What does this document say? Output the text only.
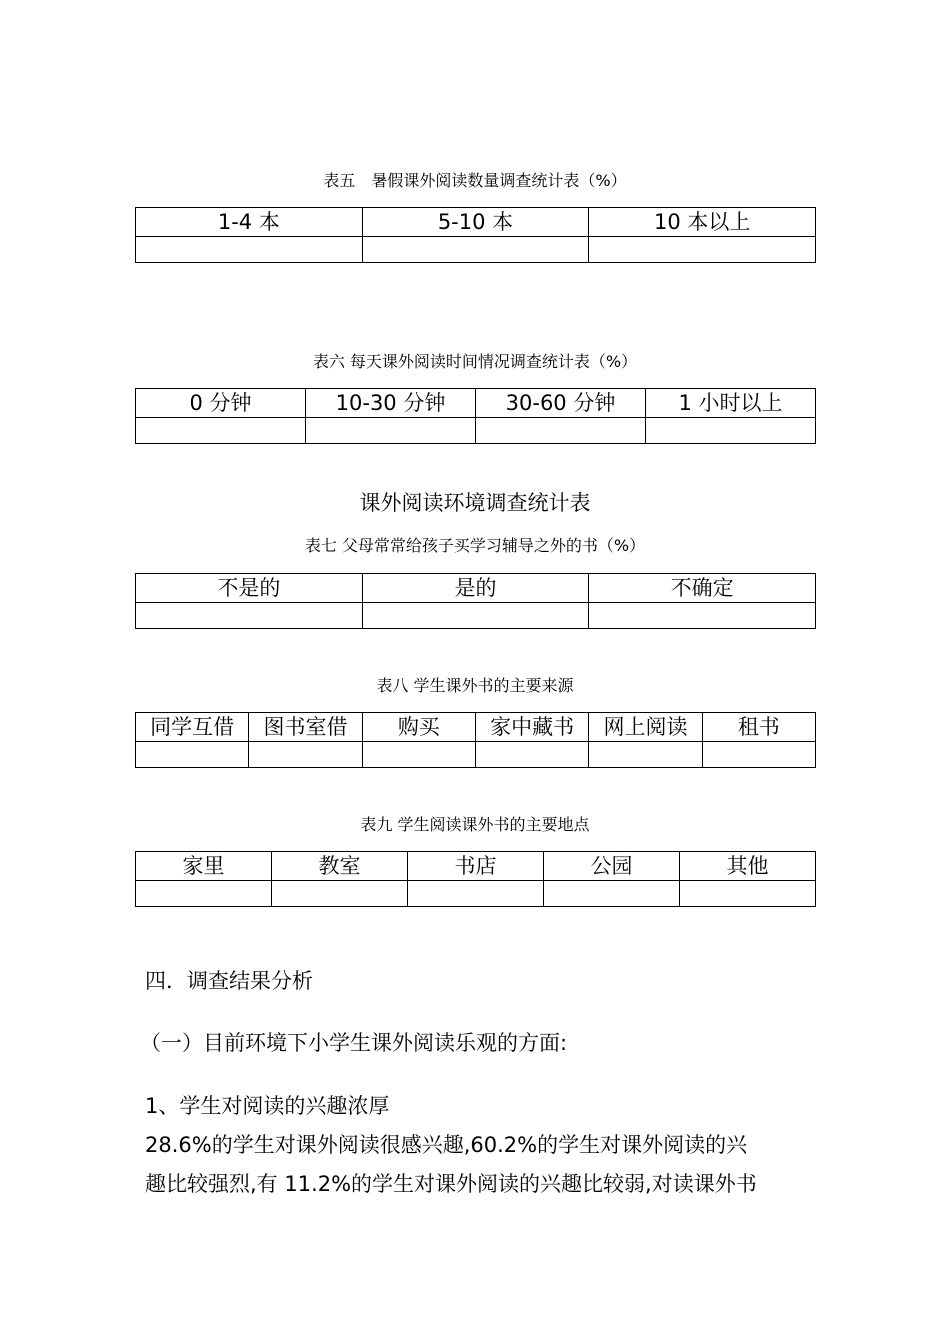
表五　暑假课外阅读数量调查统计表（%）
1-4 本	5-10 本	10 本以上

表六 每天课外阅读时间情况调查统计表（%）
0 分钟	10-30 分钟	30-60 分钟	1 小时以上

课外阅读环境调查统计表
表七 父母常常给孩子买学习辅导之外的书（%）
不是的	是的	不确定

表八 学生课外书的主要来源
同学互借	图书室借	购买	家中藏书	网上阅读	租书

表九 学生阅读课外书的主要地点
家里	教室	书店	公园	其他

四．调查结果分析
（一）目前环境下小学生课外阅读乐观的方面:
1、学生对阅读的兴趣浓厚
28.6%的学生对课外阅读很感兴趣,60.2%的学生对课外阅读的兴
趣比较强烈,有 11.2%的学生对课外阅读的兴趣比较弱,对读课外书
